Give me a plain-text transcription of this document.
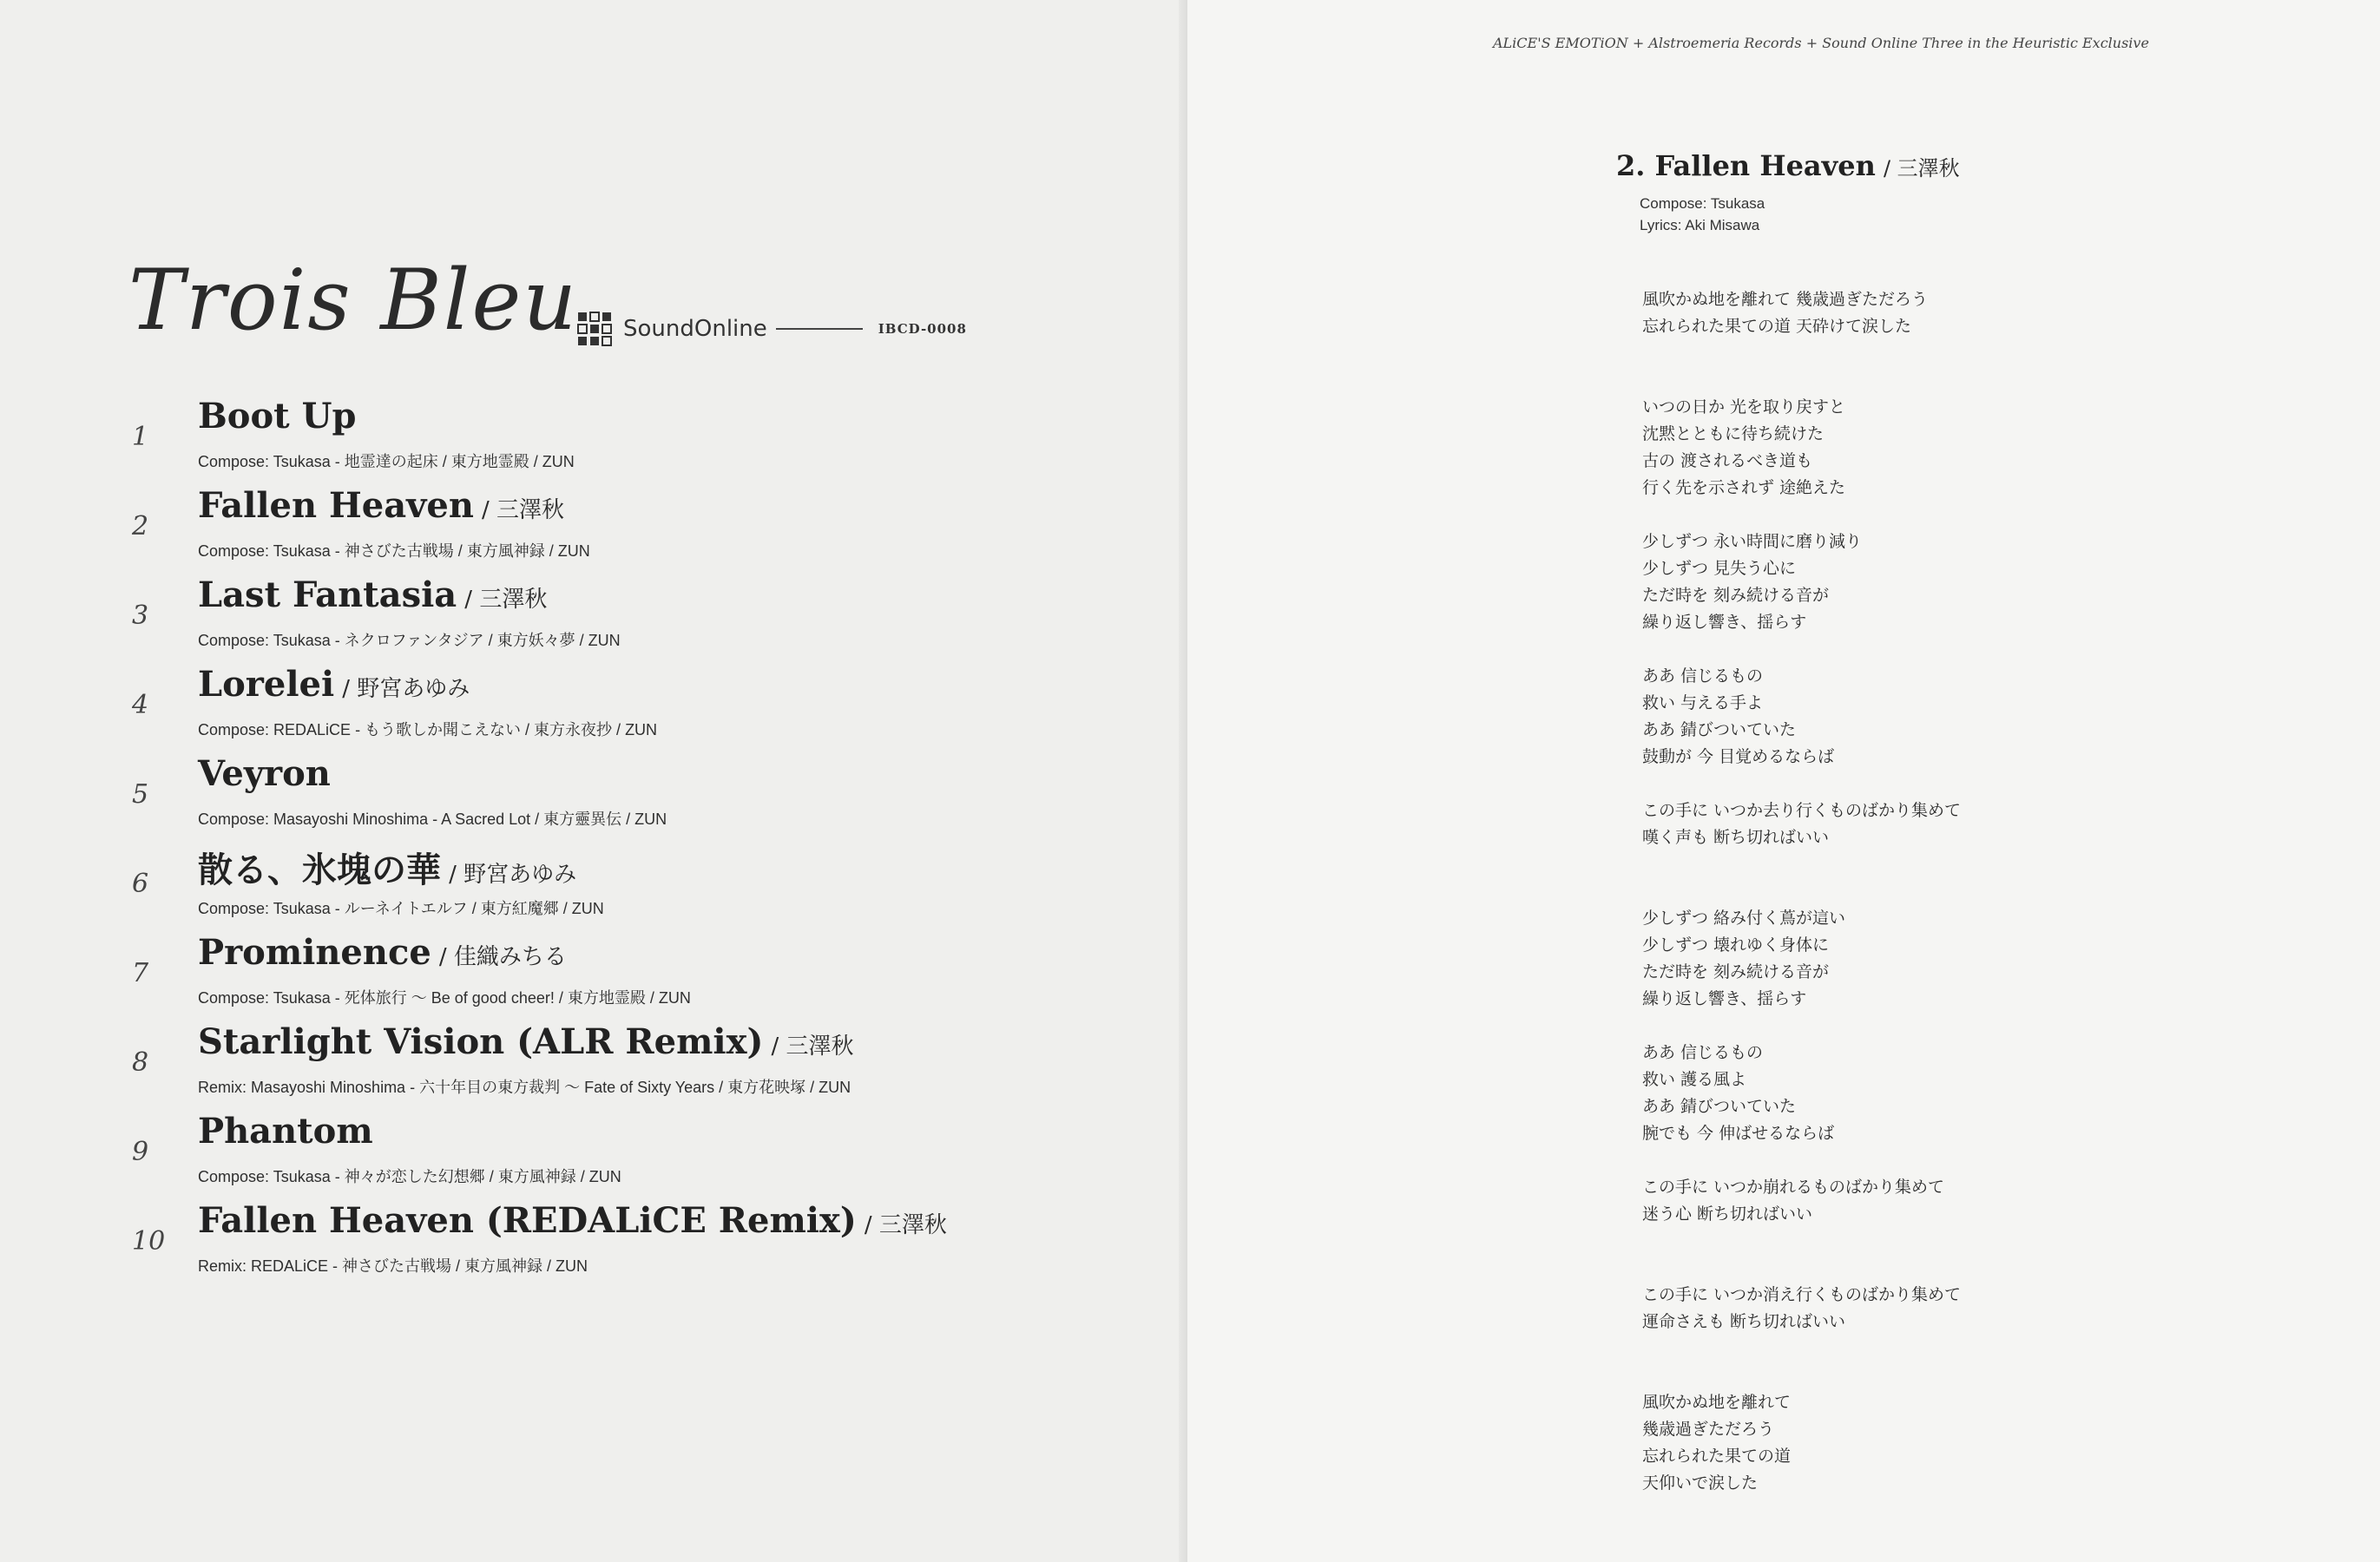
Trois Bleu SoundOnline	IBCD-0008
1
Boot Up
Compose: Tsukasa - 地霊達の起床 / 東方地霊殿 / ZUN
2
Fallen Heaven / 三澤秋
Compose: Tsukasa - 神さびた古戦場 / 東方風神録 / ZUN
3
Last Fantasia / 三澤秋
Compose: Tsukasa - ネクロファンタジア / 東方妖々夢 / ZUN
4
Lorelei / 野宮あゆみ
Compose: REDALiCE - もう歌しか聞こえない / 東方永夜抄 / ZUN
5
Veyron
Compose: Masayoshi Minoshima - A Sacred Lot / 東方靈異伝 / ZUN
6 散る、氷塊の華 / 野宮あゆみ
Compose: Tsukasa - ルーネイトエルフ / 東方紅魔郷 / ZUN
7
Prominence / 佳織みちる
Compose: Tsukasa - 死体旅行 ～ Be of good cheer! / 東方地霊殿 / ZUN
8
Starlight Vision (ALR Remix) / 三澤秋
Remix: Masayoshi Minoshima - 六十年目の東方裁判 ～ Fate of Sixty Years / 東方花映塚 / ZUN
9
Phantom
Compose: Tsukasa - 神々が恋した幻想郷 / 東方風神録 / ZUN
10
Fallen Heaven (REDALiCE Remix) / 三澤秋
Remix: REDALiCE - 神さびた古戦場 / 東方風神録 / ZUN
ALiCE'S EMOTiON + Alstroemeria Records + Sound Online Three in the Heuristic Exclusive
2. Fallen Heaven / 三澤秋
Compose: Tsukasa
Lyrics: Aki Misawa
風吹かぬ地を離れて 幾歳過ぎただろう
忘れられた果ての道 天砕けて涙した
いつの日か 光を取り戻すと
沈黙とともに待ち続けた
古の 渡されるべき道も
行く先を示されず 途絶えた
少しずつ 永い時間に磨り減り
少しずつ 見失う心に
ただ時を 刻み続ける音が
繰り返し響き、揺らす
ああ 信じるもの
救い 与える手よ
ああ 錆びついていた
鼓動が 今 目覚めるならば
この手に いつか去り行くものばかり集めて
嘆く声も 断ち切ればいい
少しずつ 絡み付く蔦が這い
少しずつ 壊れゆく身体に
ただ時を 刻み続ける音が
繰り返し響き、揺らす
ああ 信じるもの
救い 護る風よ
ああ 錆びついていた
腕でも 今 伸ばせるならば
この手に いつか崩れるものばかり集めて
迷う心 断ち切ればいい
この手に いつか消え行くものばかり集めて
運命さえも 断ち切ればいい
風吹かぬ地を離れて
幾歳過ぎただろう
忘れられた果ての道
天仰いで涙した
